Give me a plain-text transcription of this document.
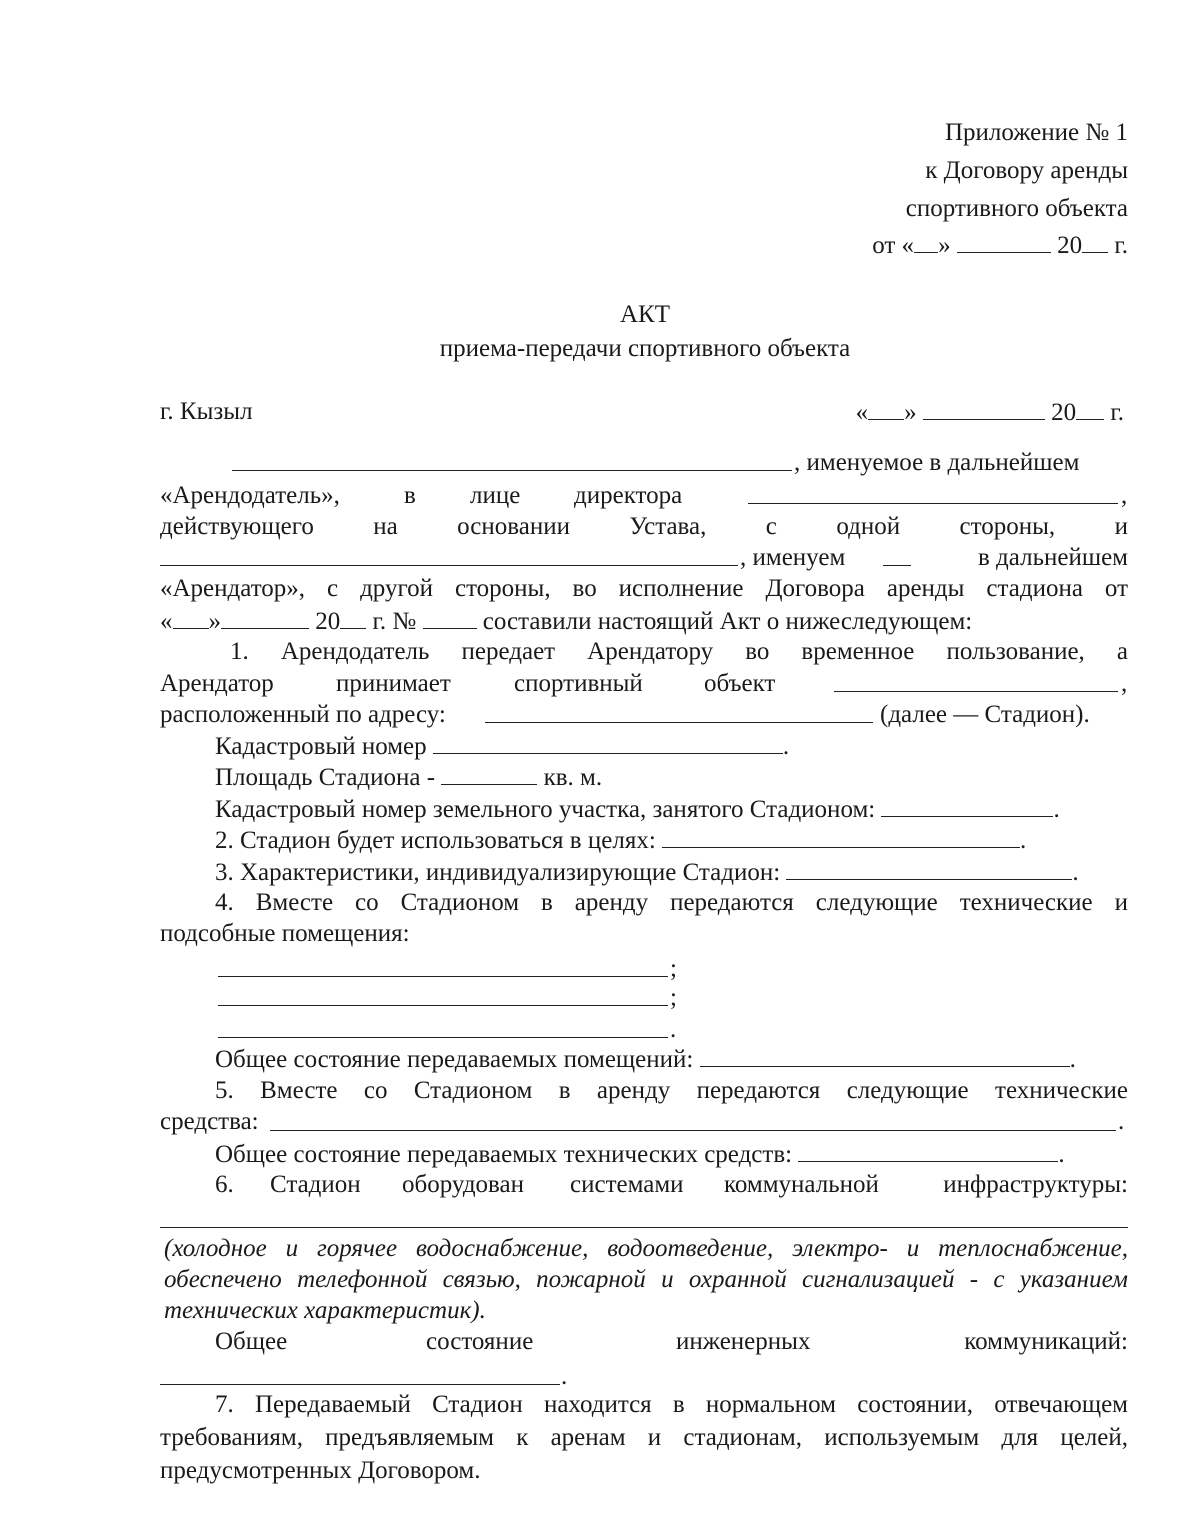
Приложение № 1
к Договору аренды
спортивного объекта
от « »	20 г.
АКТ
приема-передачи спортивного объекта
г. Кызыл	« »	20 г.
, именуемое в дальнейшем
«Арендодатель»,	в лице директора	,
действующего на основании Устава, с одной стороны, и
, именуем	в дальнейшем
«Арендатор», с другой стороны, во исполнение Договора аренды стадиона от
« »	20 г. №	составили настоящий Акт о нижеследующем:
1. Арендодатель передает Арендатору во временное пользование, а
Арендатор принимает	спортивный объект	,
расположенный по адресу:	(далее — Стадион).
Кадастровый номер	.
Площадь Стадиона -	кв. м.
Кадастровый номер земельного участка, занятого Стадионом:	.
2. Стадион будет использоваться в целях:	.
3. Характеристики, индивидуализирующие Стадион:	.
4. Вместе со Стадионом в аренду передаются следующие технические и
подсобные помещения:
;
;
.
Общее состояние передаваемых помещений:	.
5. Вместе со Стадионом в аренду передаются следующие технические
средства:	.
Общее состояние передаваемых технических средств:	.
6. Стадион оборудован системами коммунальной	инфраструктуры:
(холодное и горячее водоснабжение, водоотведение, электро- и теплоснабжение,
обеспечено телефонной связью, пожарной и охранной сигнализацией - с указанием
технических характеристик).
Общее	состояние	инженерных	коммуникаций:
.
7. Передаваемый Стадион находится в нормальном состоянии, отвечающем
требованиям, предъявляемым к аренам и стадионам, используемым для целей,
предусмотренных Договором.
